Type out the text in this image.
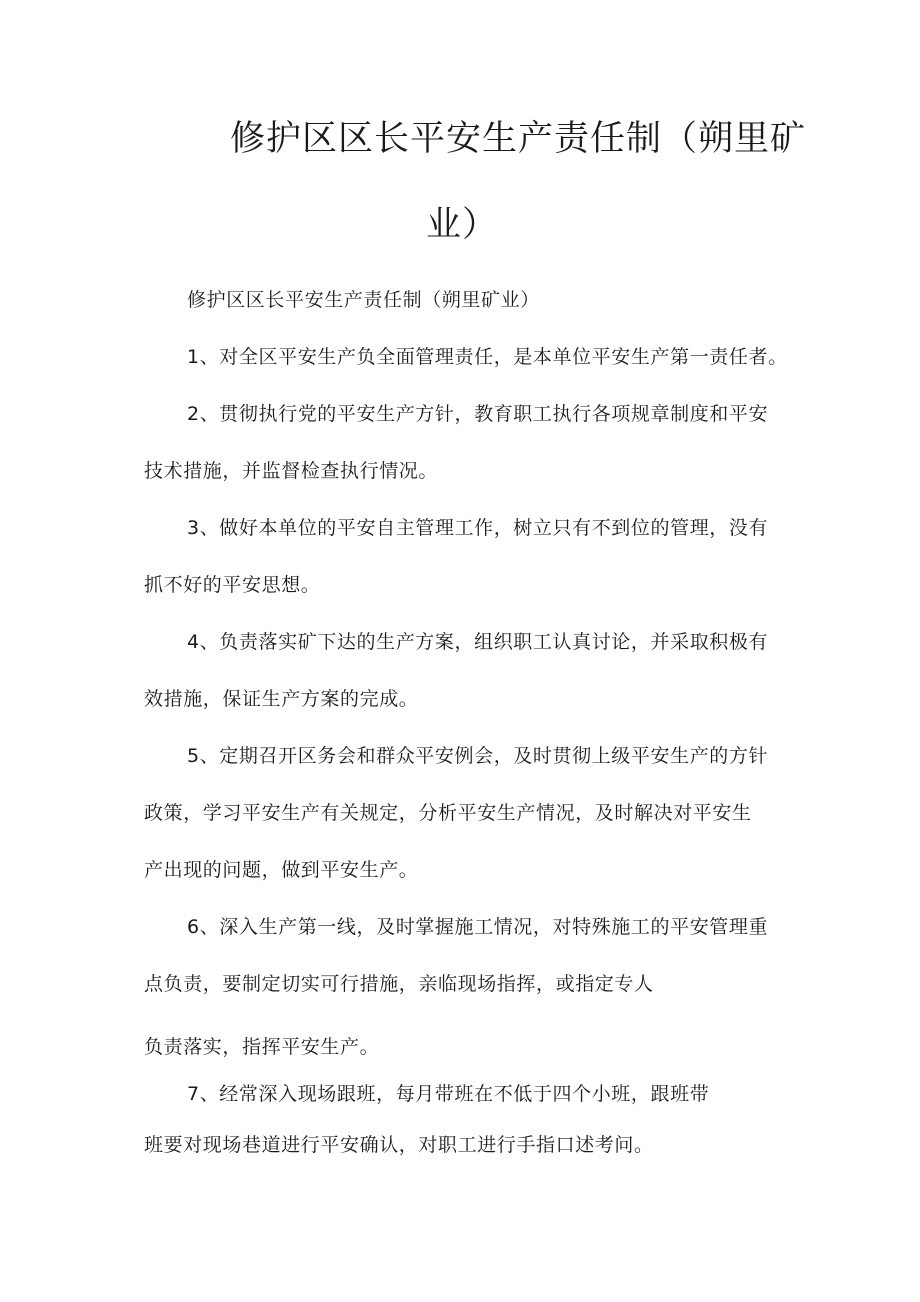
修护区区长平安生产责任制（朔里矿
业）
修护区区长平安生产责任制（朔里矿业）
1、对全区平安生产负全面管理责任，是本单位平安生产第一责任者。
2、贯彻执行党的平安生产方针，教育职工执行各项规章制度和平安
技术措施，并监督检查执行情况。
3、做好本单位的平安自主管理工作，树立只有不到位的管理，没有
抓不好的平安思想。
4、负责落实矿下达的生产方案，组织职工认真讨论，并采取积极有
效措施，保证生产方案的完成。
5、定期召开区务会和群众平安例会，及时贯彻上级平安生产的方针
政策，学习平安生产有关规定，分析平安生产情况，及时解决对平安生
产出现的问题，做到平安生产。
6、深入生产第一线，及时掌握施工情况，对特殊施工的平安管理重
点负责，要制定切实可行措施，亲临现场指挥，或指定专人
负责落实，指挥平安生产。
7、经常深入现场跟班，每月带班在不低于四个小班，跟班带
班要对现场巷道进行平安确认，对职工进行手指口述考问。
